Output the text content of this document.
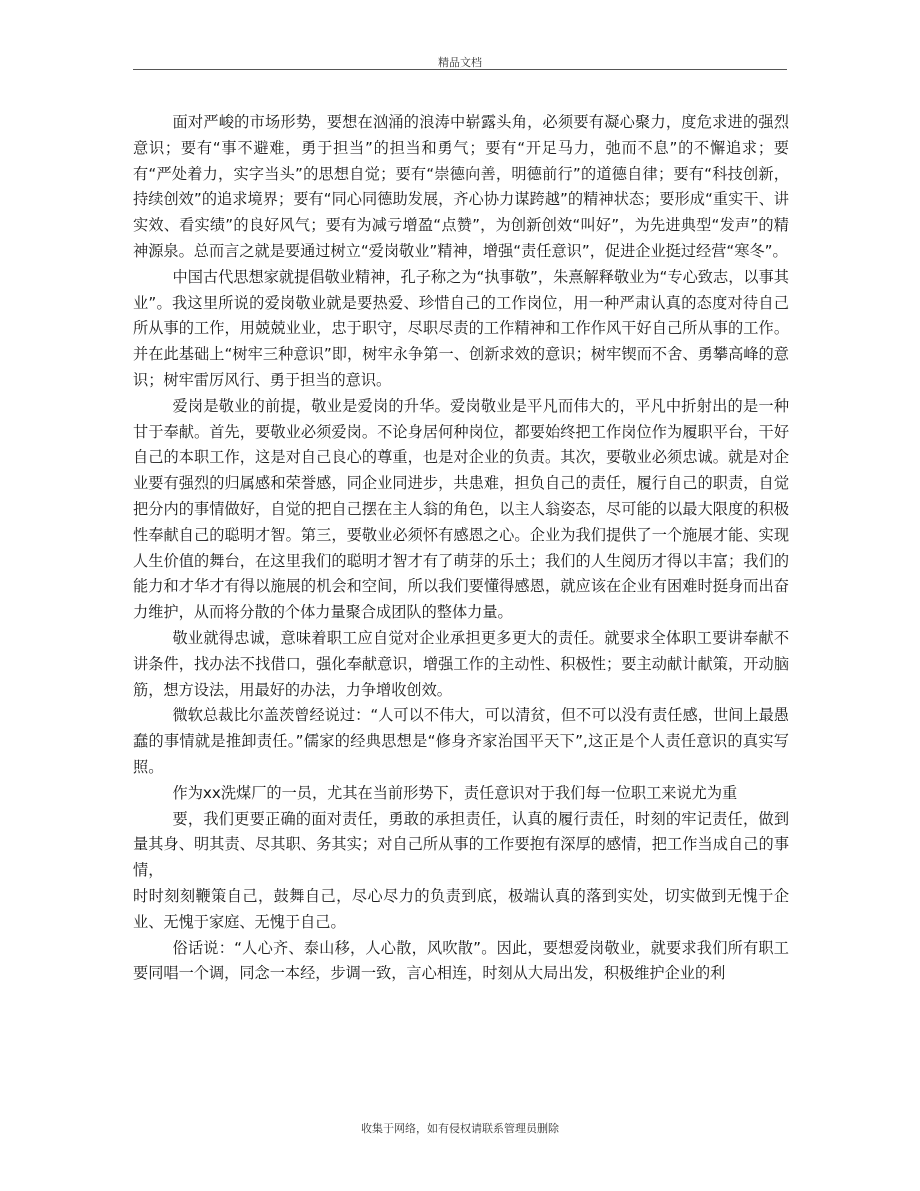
精品文档

面对严峻的市场形势，要想在汹涌的浪涛中崭露头角，必须要有凝心聚力，度危求进的强烈意识；要有“事不避难，勇于担当”的担当和勇气；要有“开足马力，弛而不息”的不懈追求；要有“严处着力，实字当头”的思想自觉；要有“崇德向善，明德前行”的道德自律；要有“科技创新，持续创效”的追求境界；要有“同心同德助发展，齐心协力谋跨越”的精神状态；要形成“重实干、讲实效、看实绩”的良好风气；要有为减亏增盈“点赞”，为创新创效“叫好”，为先进典型“发声”的精神源泉。总而言之就是要通过树立“爱岗敬业”精神，增强“责任意识”，促进企业挺过经营“寒冬”。

中国古代思想家就提倡敬业精神，孔子称之为“执事敬”，朱熹解释敬业为“专心致志，以事其业”。我这里所说的爱岗敬业就是要热爱、珍惜自己的工作岗位，用一种严肃认真的态度对待自己所从事的工作，用兢兢业业，忠于职守，尽职尽责的工作精神和工作作风干好自己所从事的工作。并在此基础上“树牢三种意识”即，树牢永争第一、创新求效的意识；树牢锲而不舍、勇攀高峰的意识；树牢雷厉风行、勇于担当的意识。

爱岗是敬业的前提，敬业是爱岗的升华。爱岗敬业是平凡而伟大的，平凡中折射出的是一种甘于奉献。首先，要敬业必须爱岗。不论身居何种岗位，都要始终把工作岗位作为履职平台，干好自己的本职工作，这是对自己良心的尊重，也是对企业的负责。其次，要敬业必须忠诚。就是对企业要有强烈的归属感和荣誉感，同企业同进步，共患难，担负自己的责任，履行自己的职责，自觉把分内的事情做好，自觉的把自己摆在主人翁的角色，以主人翁姿态，尽可能的以最大限度的积极性奉献自己的聪明才智。第三，要敬业必须怀有感恩之心。企业为我们提供了一个施展才能、实现人生价值的舞台，在这里我们的聪明才智才有了萌芽的乐土；我们的人生阅历才得以丰富；我们的能力和才华才有得以施展的机会和空间，所以我们要懂得感恩，就应该在企业有困难时挺身而出奋力维护，从而将分散的个体力量聚合成团队的整体力量。

敬业就得忠诚，意味着职工应自觉对企业承担更多更大的责任。就要求全体职工要讲奉献不讲条件，找办法不找借口，强化奉献意识，增强工作的主动性、积极性；要主动献计献策，开动脑筋，想方设法，用最好的办法，力争增收创效。

微软总裁比尔盖茨曾经说过：“人可以不伟大，可以清贫，但不可以没有责任感，世间上最愚蠢的事情就是推卸责任。”儒家的经典思想是“修身齐家治国平天下”,这正是个人责任意识的真实写照。

作为xx洗煤厂的一员，尤其在当前形势下，责任意识对于我们每一位职工来说尤为重

要，我们更要正确的面对责任，勇敢的承担责任，认真的履行责任，时刻的牢记责任，做到量其身、明其责、尽其职、务其实；对自己所从事的工作要抱有深厚的感情，把工作当成自己的事情，

时时刻刻鞭策自己，鼓舞自己，尽心尽力的负责到底，极端认真的落到实处，切实做到无愧于企业、无愧于家庭、无愧于自己。

俗话说：“人心齐、泰山移，人心散，风吹散”。因此，要想爱岗敬业，就要求我们所有职工要同唱一个调，同念一本经，步调一致，言心相连，时刻从大局出发，积极维护企业的利

收集于网络，如有侵权请联系管理员删除
